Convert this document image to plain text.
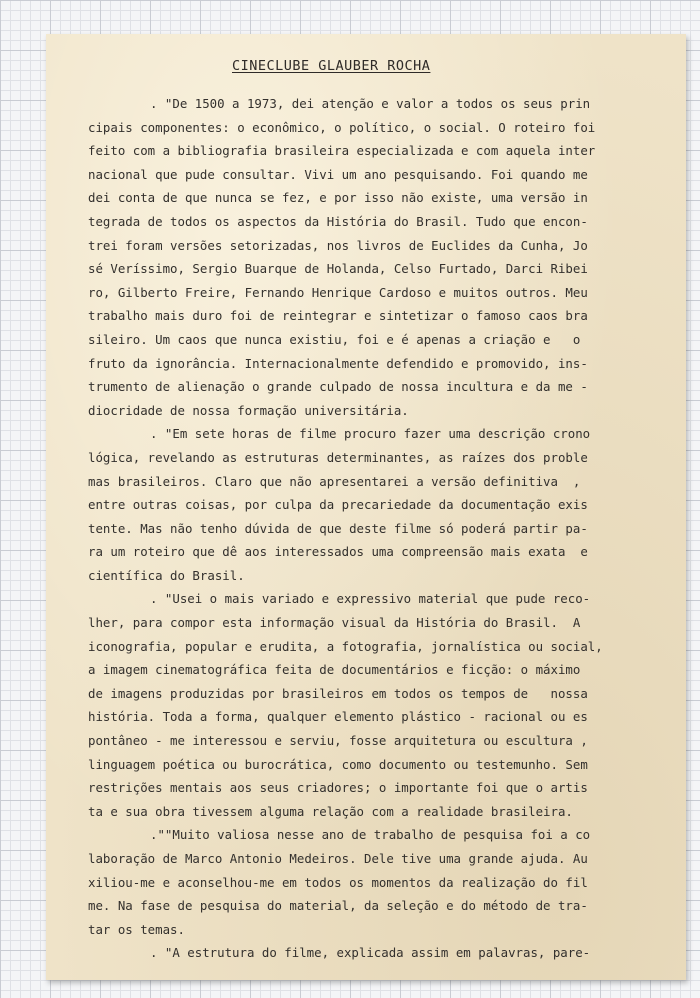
CINECLUBE GLAUBER ROCHA
. "De 1500 a 1973, dei atenção e valor a todos os seus prin
cipais componentes: o econômico, o político, o social. O roteiro foi
feito com a bibliografia brasileira especializada e com aquela inter
nacional que pude consultar. Vivi um ano pesquisando. Foi quando me
dei conta de que nunca se fez, e por isso não existe, uma versão in
tegrada de todos os aspectos da História do Brasil. Tudo que encon-
trei foram versões setorizadas, nos livros de Euclides da Cunha, Jo
sé Veríssimo, Sergio Buarque de Holanda, Celso Furtado, Darci Ribei
ro, Gilberto Freire, Fernando Henrique Cardoso e muitos outros. Meu
trabalho mais duro foi de reintegrar e sintetizar o famoso caos bra
sileiro. Um caos que nunca existiu, foi e é apenas a criação e   o
fruto da ignorância. Internacionalmente defendido e promovido, ins-
trumento de alienação o grande culpado de nossa incultura e da me -
diocridade de nossa formação universitária.
. "Em sete horas de filme procuro fazer uma descrição crono
lógica, revelando as estruturas determinantes, as raízes dos proble
mas brasileiros. Claro que não apresentarei a versão definitiva  ,
entre outras coisas, por culpa da precariedade da documentação exis
tente. Mas não tenho dúvida de que deste filme só poderá partir pa-
ra um roteiro que dê aos interessados uma compreensão mais exata  e
científica do Brasil.
. "Usei o mais variado e expressivo material que pude reco-
lher, para compor esta informação visual da História do Brasil.  A
iconografia, popular e erudita, a fotografia, jornalística ou social,
a imagem cinematográfica feita de documentários e ficção: o máximo
de imagens produzidas por brasileiros em todos os tempos de   nossa
história. Toda a forma, qualquer elemento plástico - racional ou es
pontâneo - me interessou e serviu, fosse arquitetura ou escultura ,
linguagem poética ou burocrática, como documento ou testemunho. Sem
restrições mentais aos seus criadores; o importante foi que o artis
ta e sua obra tivessem alguma relação com a realidade brasileira.
.""Muito valiosa nesse ano de trabalho de pesquisa foi a co
laboração de Marco Antonio Medeiros. Dele tive uma grande ajuda. Au
xiliou-me e aconselhou-me em todos os momentos da realização do fil
me. Na fase de pesquisa do material, da seleção e do método de tra-
tar os temas.
. "A estrutura do filme, explicada assim em palavras, pare-
